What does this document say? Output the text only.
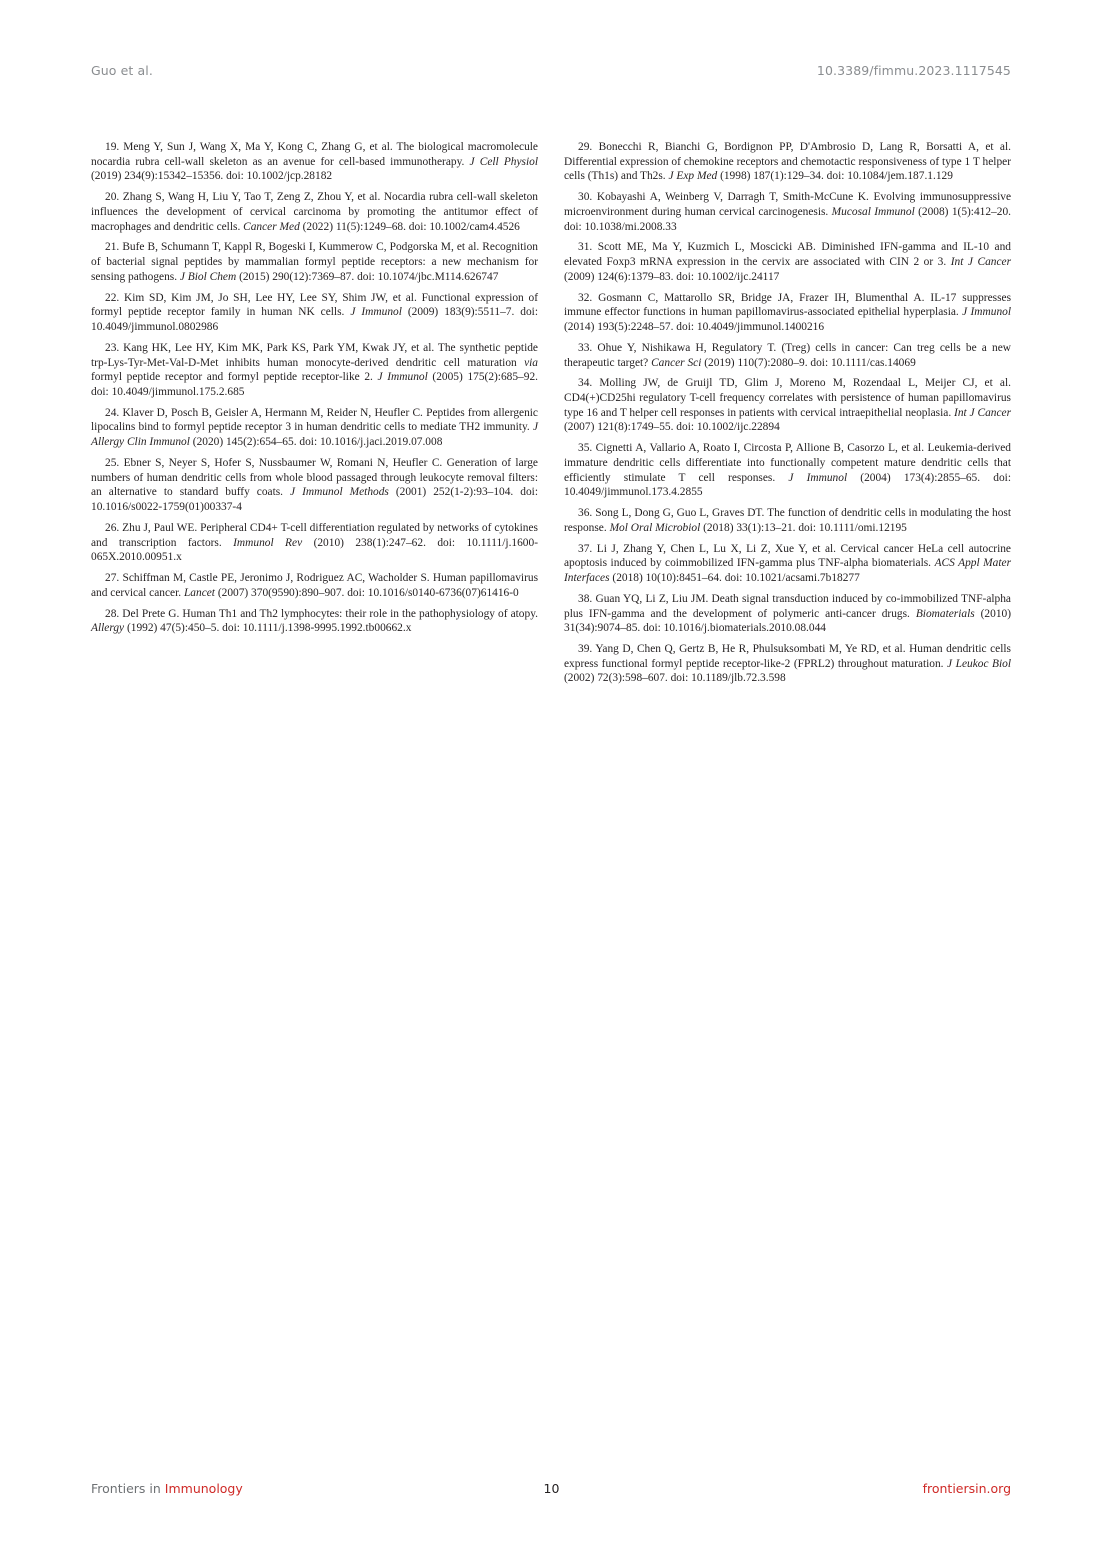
Guo et al.	10.3389/fimmu.2023.1117545

19. Meng Y, Sun J, Wang X, Ma Y, Kong C, Zhang G, et al. The biological macromolecule nocardia rubra cell-wall skeleton as an avenue for cell-based immunotherapy. J Cell Physiol (2019) 234(9):15342–15356. doi: 10.1002/jcp.28182

20. Zhang S, Wang H, Liu Y, Tao T, Zeng Z, Zhou Y, et al. Nocardia rubra cell-wall skeleton influences the development of cervical carcinoma by promoting the antitumor effect of macrophages and dendritic cells. Cancer Med (2022) 11(5):1249–68. doi: 10.1002/cam4.4526

21. Bufe B, Schumann T, Kappl R, Bogeski I, Kummerow C, Podgorska M, et al. Recognition of bacterial signal peptides by mammalian formyl peptide receptors: a new mechanism for sensing pathogens. J Biol Chem (2015) 290(12):7369–87. doi: 10.1074/jbc.M114.626747

22. Kim SD, Kim JM, Jo SH, Lee HY, Lee SY, Shim JW, et al. Functional expression of formyl peptide receptor family in human NK cells. J Immunol (2009) 183(9):5511–7. doi: 10.4049/jimmunol.0802986

23. Kang HK, Lee HY, Kim MK, Park KS, Park YM, Kwak JY, et al. The synthetic peptide trp-Lys-Tyr-Met-Val-D-Met inhibits human monocyte-derived dendritic cell maturation via formyl peptide receptor and formyl peptide receptor-like 2. J Immunol (2005) 175(2):685–92. doi: 10.4049/jimmunol.175.2.685

24. Klaver D, Posch B, Geisler A, Hermann M, Reider N, Heufler C. Peptides from allergenic lipocalins bind to formyl peptide receptor 3 in human dendritic cells to mediate TH2 immunity. J Allergy Clin Immunol (2020) 145(2):654–65. doi: 10.1016/j.jaci.2019.07.008

25. Ebner S, Neyer S, Hofer S, Nussbaumer W, Romani N, Heufler C. Generation of large numbers of human dendritic cells from whole blood passaged through leukocyte removal filters: an alternative to standard buffy coats. J Immunol Methods (2001) 252(1-2):93–104. doi: 10.1016/s0022-1759(01)00337-4

26. Zhu J, Paul WE. Peripheral CD4+ T-cell differentiation regulated by networks of cytokines and transcription factors. Immunol Rev (2010) 238(1):247–62. doi: 10.1111/j.1600-065X.2010.00951.x

27. Schiffman M, Castle PE, Jeronimo J, Rodriguez AC, Wacholder S. Human papillomavirus and cervical cancer. Lancet (2007) 370(9590):890–907. doi: 10.1016/s0140-6736(07)61416-0

28. Del Prete G. Human Th1 and Th2 lymphocytes: their role in the pathophysiology of atopy. Allergy (1992) 47(5):450–5. doi: 10.1111/j.1398-9995.1992.tb00662.x

29. Bonecchi R, Bianchi G, Bordignon PP, D'Ambrosio D, Lang R, Borsatti A, et al. Differential expression of chemokine receptors and chemotactic responsiveness of type 1 T helper cells (Th1s) and Th2s. J Exp Med (1998) 187(1):129–34. doi: 10.1084/jem.187.1.129

30. Kobayashi A, Weinberg V, Darragh T, Smith-McCune K. Evolving immunosuppressive microenvironment during human cervical carcinogenesis. Mucosal Immunol (2008) 1(5):412–20. doi: 10.1038/mi.2008.33

31. Scott ME, Ma Y, Kuzmich L, Moscicki AB. Diminished IFN-gamma and IL-10 and elevated Foxp3 mRNA expression in the cervix are associated with CIN 2 or 3. Int J Cancer (2009) 124(6):1379–83. doi: 10.1002/ijc.24117

32. Gosmann C, Mattarollo SR, Bridge JA, Frazer IH, Blumenthal A. IL-17 suppresses immune effector functions in human papillomavirus-associated epithelial hyperplasia. J Immunol (2014) 193(5):2248–57. doi: 10.4049/jimmunol.1400216

33. Ohue Y, Nishikawa H, Regulatory T. (Treg) cells in cancer: Can treg cells be a new therapeutic target? Cancer Sci (2019) 110(7):2080–9. doi: 10.1111/cas.14069

34. Molling JW, de Gruijl TD, Glim J, Moreno M, Rozendaal L, Meijer CJ, et al. CD4(+)CD25hi regulatory T-cell frequency correlates with persistence of human papillomavirus type 16 and T helper cell responses in patients with cervical intraepithelial neoplasia. Int J Cancer (2007) 121(8):1749–55. doi: 10.1002/ijc.22894

35. Cignetti A, Vallario A, Roato I, Circosta P, Allione B, Casorzo L, et al. Leukemia-derived immature dendritic cells differentiate into functionally competent mature dendritic cells that efficiently stimulate T cell responses. J Immunol (2004) 173(4):2855–65. doi: 10.4049/jimmunol.173.4.2855

36. Song L, Dong G, Guo L, Graves DT. The function of dendritic cells in modulating the host response. Mol Oral Microbiol (2018) 33(1):13–21. doi: 10.1111/omi.12195

37. Li J, Zhang Y, Chen L, Lu X, Li Z, Xue Y, et al. Cervical cancer HeLa cell autocrine apoptosis induced by coimmobilized IFN-gamma plus TNF-alpha biomaterials. ACS Appl Mater Interfaces (2018) 10(10):8451–64. doi: 10.1021/acsami.7b18277

38. Guan YQ, Li Z, Liu JM. Death signal transduction induced by co-immobilized TNF-alpha plus IFN-gamma and the development of polymeric anti-cancer drugs. Biomaterials (2010) 31(34):9074–85. doi: 10.1016/j.biomaterials.2010.08.044

39. Yang D, Chen Q, Gertz B, He R, Phulsuksombati M, Ye RD, et al. Human dendritic cells express functional formyl peptide receptor-like-2 (FPRL2) throughout maturation. J Leukoc Biol (2002) 72(3):598–607. doi: 10.1189/jlb.72.3.598

Frontiers in Immunology	10	frontiersin.org
